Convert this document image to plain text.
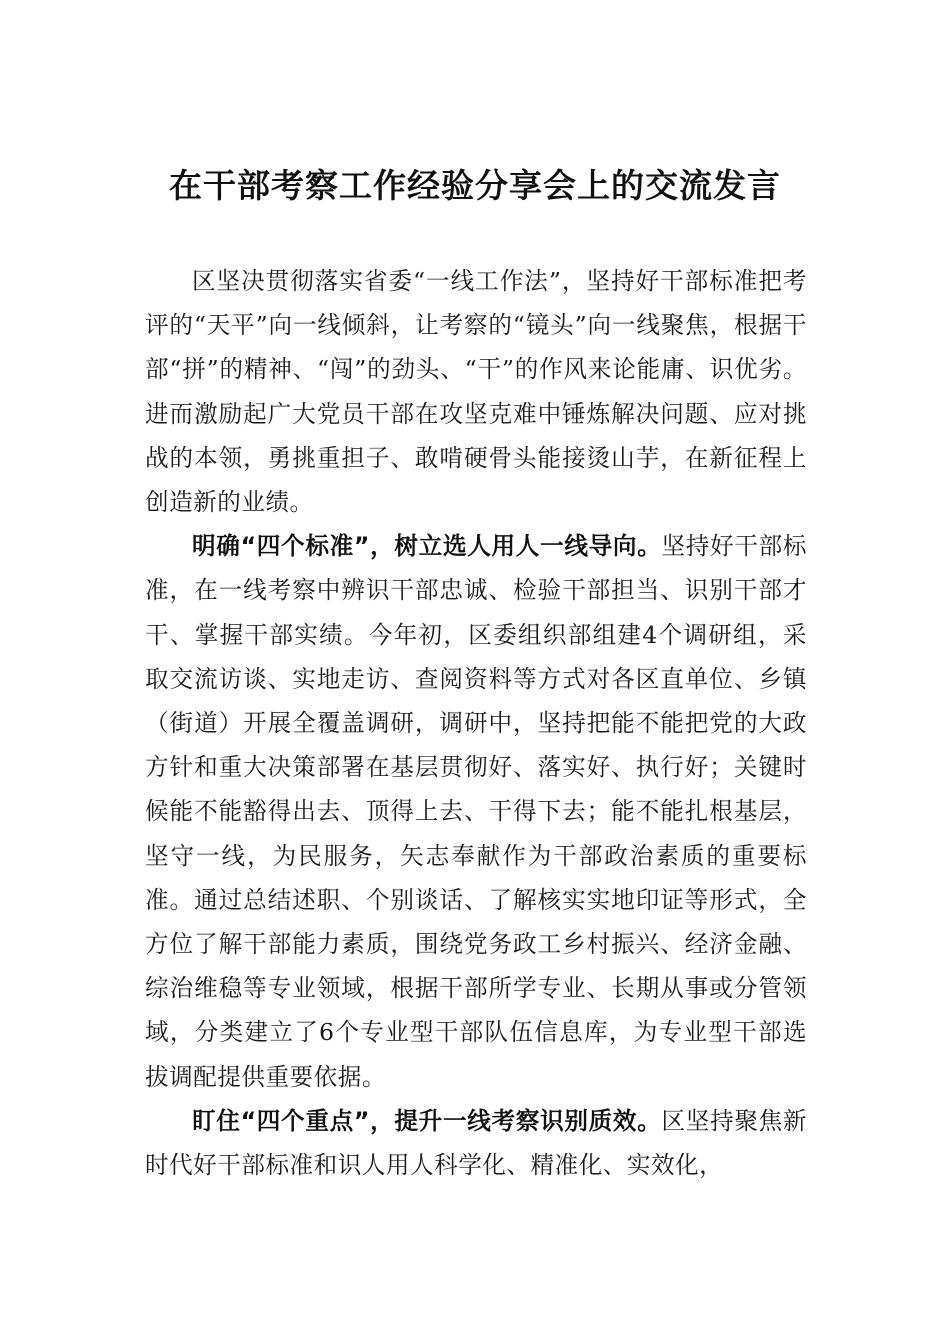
在干部考察工作经验分享会上的交流发言

区坚决贯彻落实省委“一线工作法”，坚持好干部标准把考评的“天平”向一线倾斜，让考察的“镜头”向一线聚焦，根据干部“拼”的精神、“闯”的劲头、“干”的作风来论能庸、识优劣。进而激励起广大党员干部在攻坚克难中锤炼解决问题、应对挑战的本领，勇挑重担子、敢啃硬骨头能接烫山芋，在新征程上创造新的业绩。

明确“四个标准”，树立选人用人一线导向。坚持好干部标准，在一线考察中辨识干部忠诚、检验干部担当、识别干部才干、掌握干部实绩。今年初，区委组织部组建4个调研组，采取交流访谈、实地走访、查阅资料等方式对各区直单位、乡镇（街道）开展全覆盖调研，调研中，坚持把能不能把党的大政方针和重大决策部署在基层贯彻好、落实好、执行好；关键时候能不能豁得出去、顶得上去、干得下去；能不能扎根基层，坚守一线，为民服务，矢志奉献作为干部政治素质的重要标准。通过总结述职、个别谈话、了解核实实地印证等形式，全方位了解干部能力素质，围绕党务政工乡村振兴、经济金融、综治维稳等专业领域，根据干部所学专业、长期从事或分管领域，分类建立了6个专业型干部队伍信息库，为专业型干部选拔调配提供重要依据。

盯住“四个重点”，提升一线考察识别质效。区坚持聚焦新时代好干部标准和识人用人科学化、精准化、实效化，
